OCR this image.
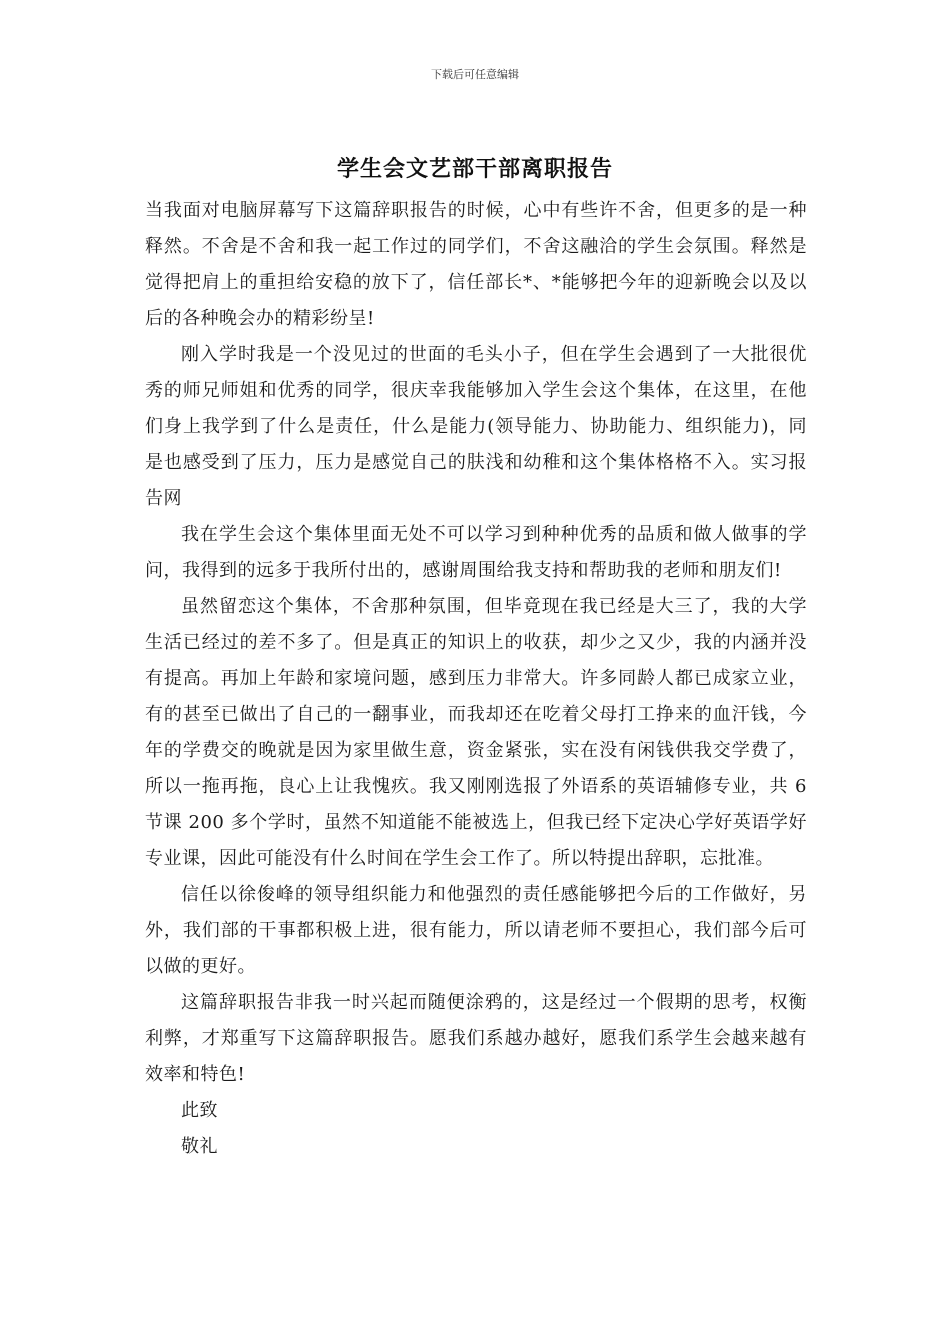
下载后可任意编辑
学生会文艺部干部离职报告

当我面对电脑屏幕写下这篇辞职报告的时候，心中有些许不舍，但更多的是一种释然。不舍是不舍和我一起工作过的同学们，不舍这融洽的学生会氛围。释然是觉得把肩上的重担给安稳的放下了，信任部长*、*能够把今年的迎新晚会以及以后的各种晚会办的精彩纷呈!

刚入学时我是一个没见过的世面的毛头小子，但在学生会遇到了一大批很优秀的师兄师姐和优秀的同学，很庆幸我能够加入学生会这个集体，在这里，在他们身上我学到了什么是责任，什么是能力(领导能力、协助能力、组织能力)，同是也感受到了压力，压力是感觉自己的肤浅和幼稚和这个集体格格不入。实习报告网

我在学生会这个集体里面无处不可以学习到种种优秀的品质和做人做事的学问，我得到的远多于我所付出的，感谢周围给我支持和帮助我的老师和朋友们!

虽然留恋这个集体，不舍那种氛围，但毕竟现在我已经是大三了，我的大学生活已经过的差不多了。但是真正的知识上的收获，却少之又少，我的内涵并没有提高。再加上年龄和家境问题，感到压力非常大。许多同龄人都已成家立业，有的甚至已做出了自己的一翻事业，而我却还在吃着父母打工挣来的血汗钱，今年的学费交的晚就是因为家里做生意，资金紧张，实在没有闲钱供我交学费了，所以一拖再拖，良心上让我愧疚。我又刚刚选报了外语系的英语辅修专业，共 6 节课 200 多个学时，虽然不知道能不能被选上，但我已经下定决心学好英语学好专业课，因此可能没有什么时间在学生会工作了。所以特提出辞职，忘批准。

信任以徐俊峰的领导组织能力和他强烈的责任感能够把今后的工作做好，另外，我们部的干事都积极上进，很有能力，所以请老师不要担心，我们部今后可以做的更好。

这篇辞职报告非我一时兴起而随便涂鸦的，这是经过一个假期的思考，权衡利弊，才郑重写下这篇辞职报告。愿我们系越办越好，愿我们系学生会越来越有效率和特色!

此致

敬礼
